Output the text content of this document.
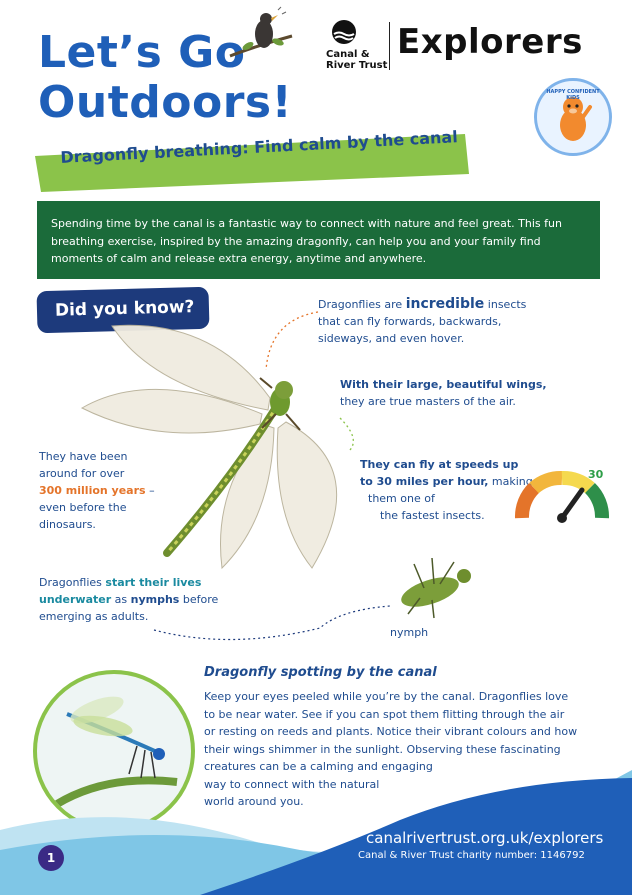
Let’s Go
Outdoors!
Canal &
River Trust
Explorers
HAPPY CONFIDENT KIDS
Dragonfly breathing: Find calm by the canal
Spending time by the canal is a fantastic way to connect with nature and feel great. This fun breathing exercise, inspired by the amazing dragonfly, can help you and your family find moments of calm and release extra energy, anytime and anywhere.
Did you know?	Dragonflies are incredible insects
that can fly forwards, backwards,
sideways, and even hover.
With their large, beautiful wings,
they are true masters of the air.
They have been
around for over
300 million years –
even before the
dinosaurs.
They can fly at speeds up
to 30 miles per hour, making
them one of
the fastest insects.
30
Dragonflies start their lives
underwater as nymphs before
emerging as adults.
nymph
Dragonfly spotting by the canal
Keep your eyes peeled while you’re by the canal. Dragonflies love
to be near water. See if you can spot them flitting through the air
or resting on reeds and plants. Notice their vibrant colours and how
their wings shimmer in the sunlight. Observing these fascinating
creatures can be a calming and engaging
way to connect with the natural
world around you.
1
canalrivertrust.org.uk/explorers
Canal & River Trust charity number: 1146792
